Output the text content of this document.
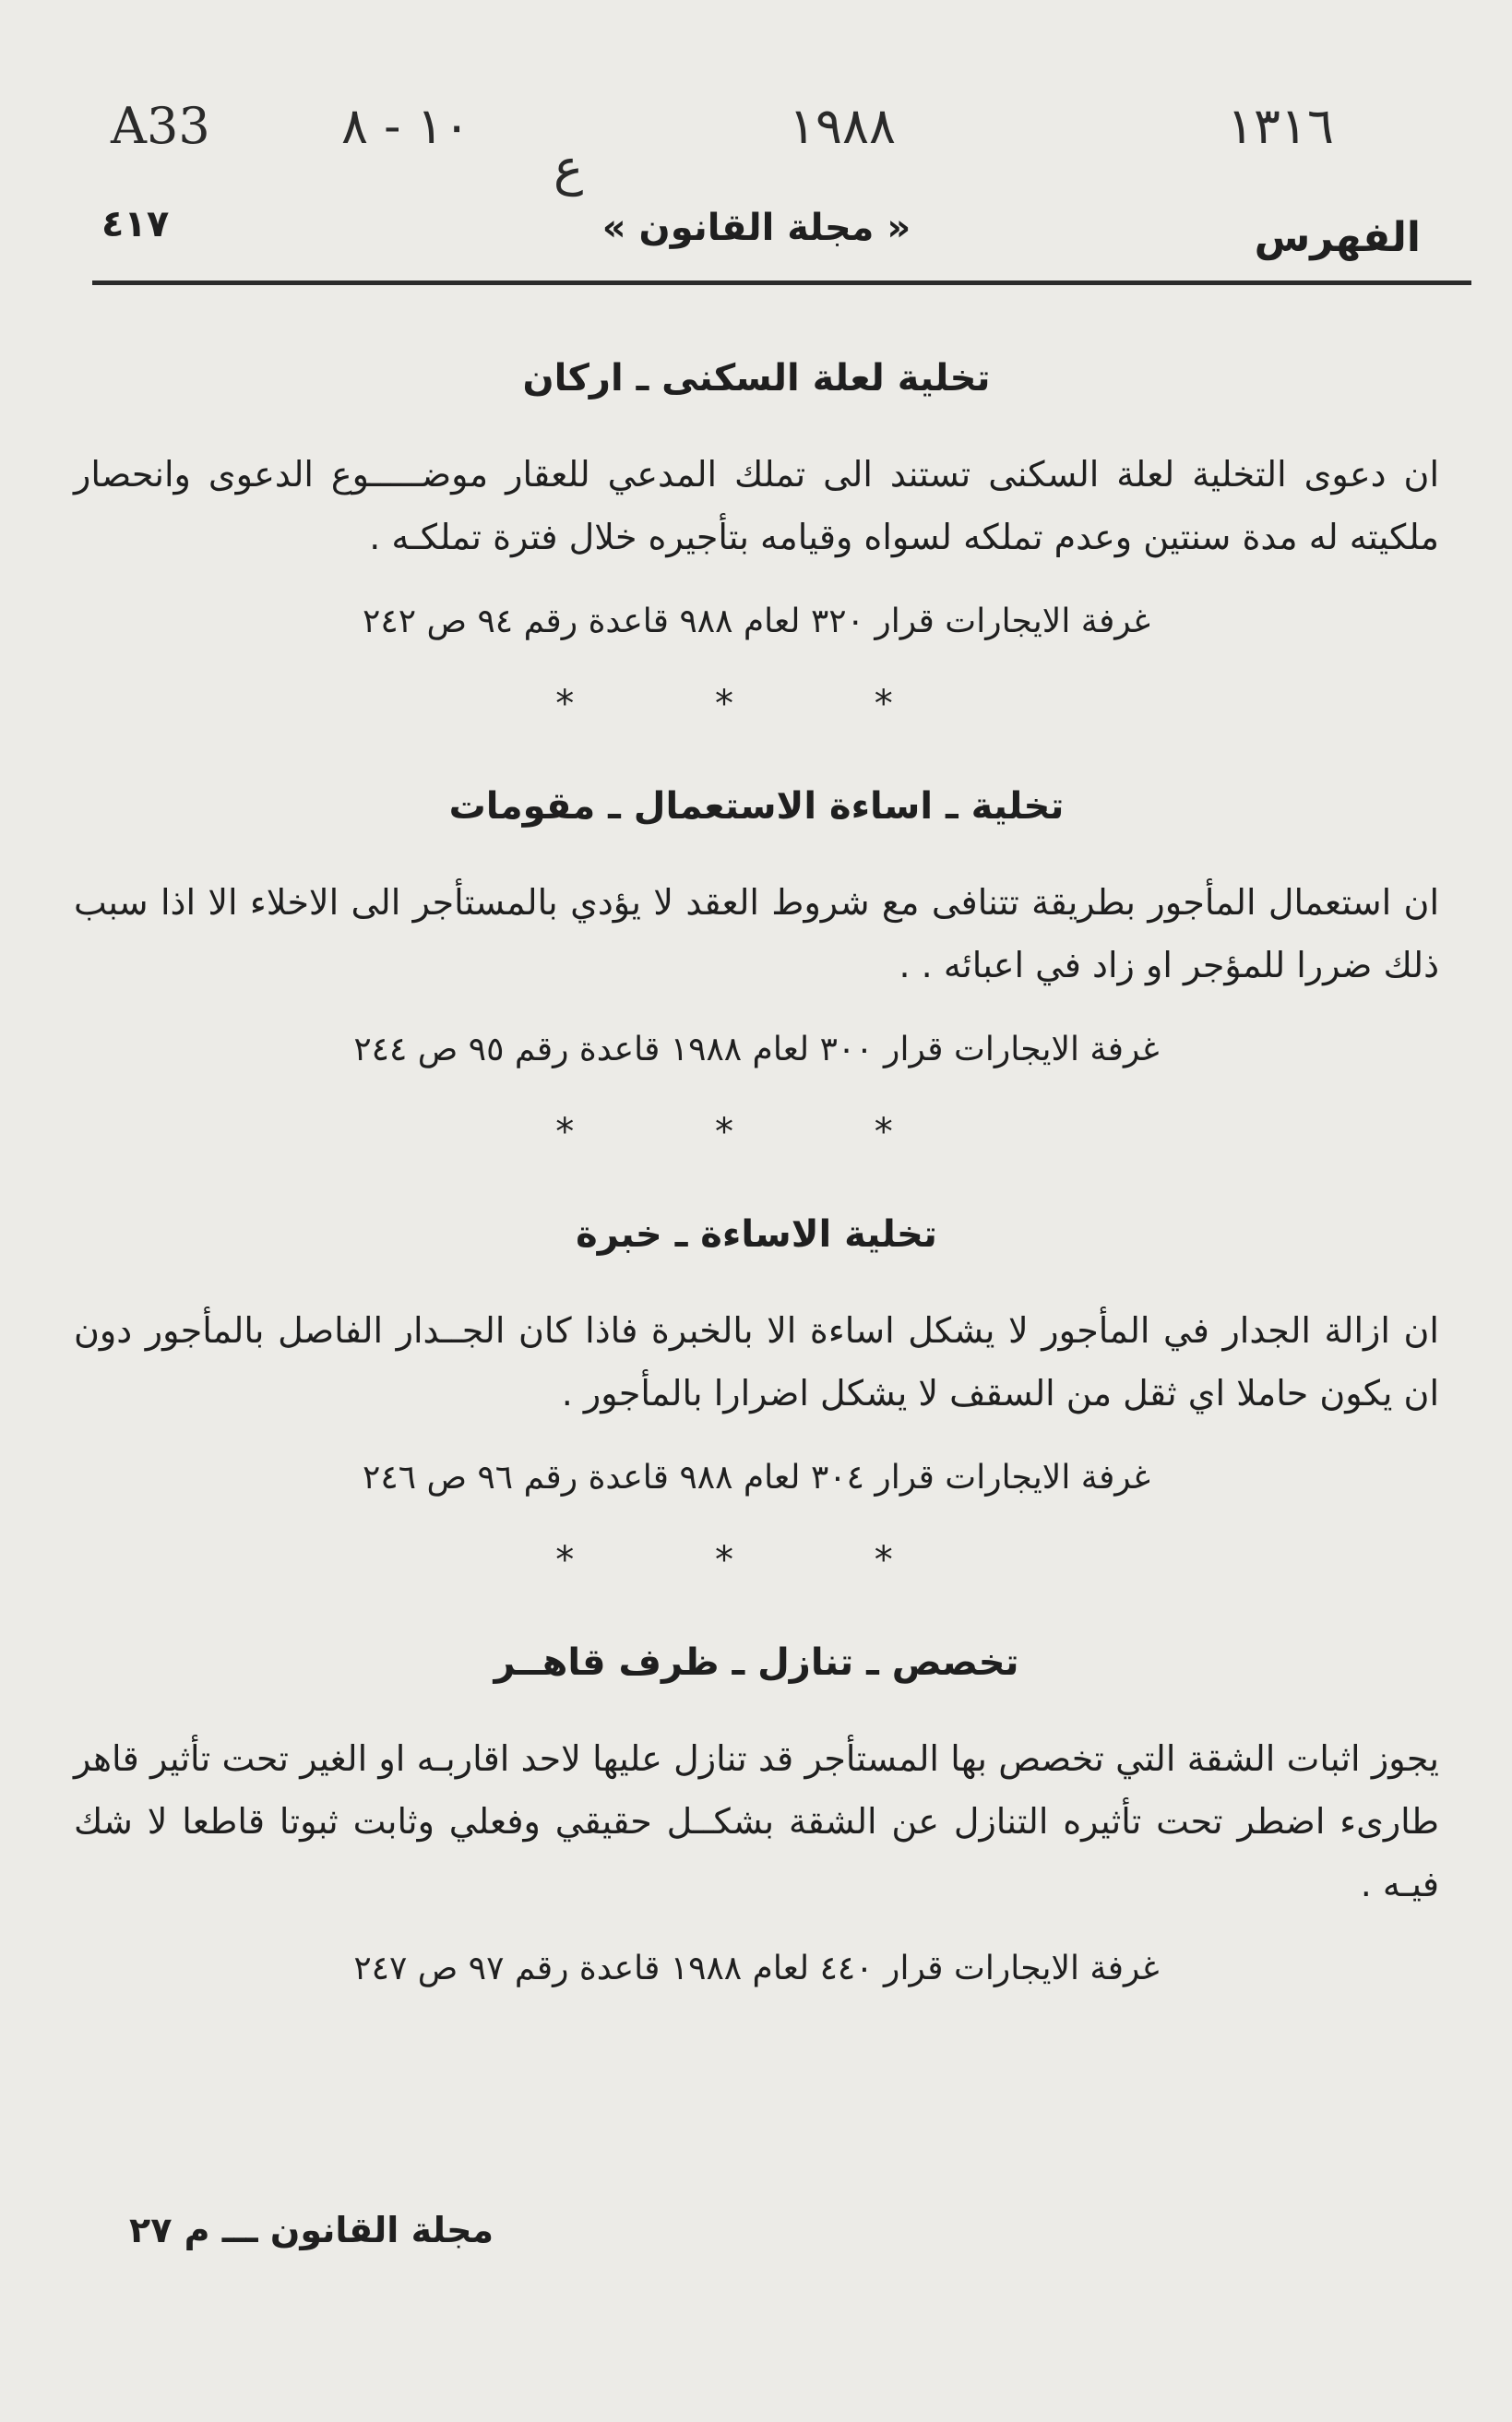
A33	١٠ - ٨
ع
١٩٨٨	١٣١٦
٤١٧	« مجلة القانون »	الفهرس
تخلية لعلة السكنى ـ اركان

ان دعوى التخلية لعلة السكنى تستند الى تملك المدعي للعقار موضـــــوع الدعوى وانحصار ملكيته له مدة سنتين وعدم تملكه لسواه وقيامه بتأجيره خلال فترة تملكـه .

غرفة الايجارات قرار ٣٢٠ لعام ٩٨٨ قاعدة رقم ٩٤ ص ٢٤٢
* * *
تخلية ـ اساءة الاستعمال ـ مقومات

ان استعمال المأجور بطريقة تتنافى مع شروط العقد لا يؤدي بالمستأجر الى الاخلاء الا اذا سبب ذلك ضررا للمؤجر او زاد في اعبائه . .

غرفة الايجارات قرار ٣٠٠ لعام ١٩٨٨ قاعدة رقم ٩٥ ص ٢٤٤
* * *
تخلية الاساءة ـ خبرة

ان ازالة الجدار في المأجور لا يشكل اساءة الا بالخبرة فاذا كان الجــدار الفاصل بالمأجور دون ان يكون حاملا اي ثقل من السقف لا يشكل اضرارا بالمأجور .

غرفة الايجارات قرار ٣٠٤ لعام ٩٨٨ قاعدة رقم ٩٦ ص ٢٤٦
* * *
تخصص ـ تنازل ـ ظرف قاهــر

يجوز اثبات الشقة التي تخصص بها المستأجر قد تنازل عليها لاحد اقاربـه او الغير تحت تأثير قاهر طارىء اضطر تحت تأثيره التنازل عن الشقة بشكــل حقيقي وفعلي وثابت ثبوتا قاطعا لا شك فيـه .

غرفة الايجارات قرار ٤٤٠ لعام ١٩٨٨ قاعدة رقم ٩٧ ص ٢٤٧
مجلة القانون ـــ م ٢٧
